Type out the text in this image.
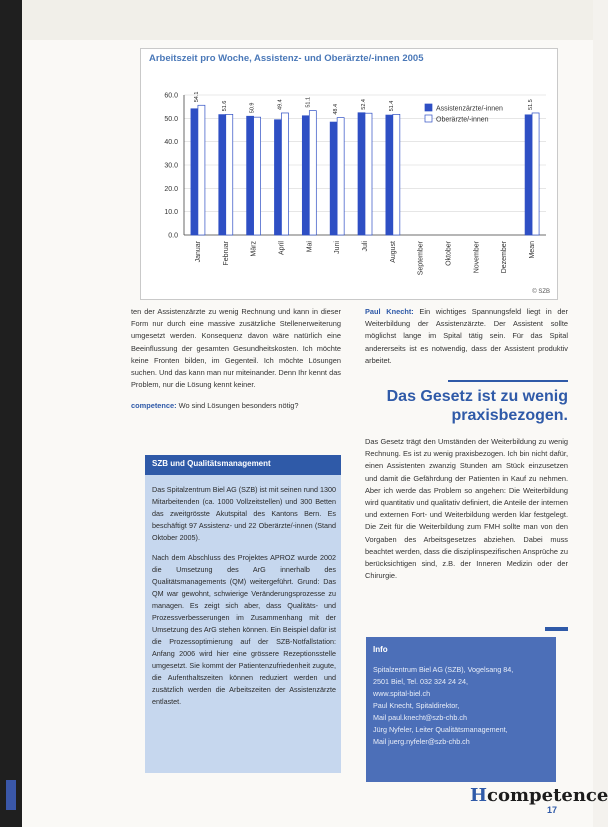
0.0
10.0
20.0
30.0
40.0
50.0
60.0	54.1
Januar
51.6
Februar
50.9
März
49.4
April
51.1
Mai
48.4
Juni
52.4
Juli
51.4
August	September	Oktober	November	Dezember
51.5
Mean
Assistenzärzte/-innen
Oberärzte/-innen
© SZB

Arbeitszeit pro Woche, Assistenz- und Oberärzte/-innen 2005

ten der Assistenzärzte zu wenig Rechnung und kann in dieser Form nur durch eine massive zusätzliche Stellenerweiterung umgesetzt werden. Konsequenz davon wäre natürlich eine Beeinflussung der gesamten Gesundheitskosten. Ich möchte keine Fronten bilden, im Gegenteil. Ich möchte Lösungen suchen. Und das kann man nur miteinander. Denn Ihr kennt das Problem, nur die Lösung kennt keiner.

competence: Wo sind Lösungen besonders nötig?

Paul Knecht: Ein wichtiges Spannungsfeld liegt in der Weiterbildung der Assistenzärzte. Der Assistent sollte möglichst lange im Spital tätig sein. Für das Spital andererseits ist es notwendig, dass der Assistent produktiv arbeitet.

Das Gesetz ist zu wenig praxisbezogen.

Das Gesetz trägt den Umständen der Weiterbildung zu wenig Rechnung. Es ist zu wenig praxisbezogen. Ich bin nicht dafür, einen Assistenten zwanzig Stunden am Stück einzusetzen und damit die Gefährdung der Patienten in Kauf zu nehmen. Aber ich werde das Problem so angehen: Die Weiterbildung wird quantitativ und qualitativ definiert, die Anteile der internen und externen Fort- und Weiterbildung werden klar festgelegt. Die Zeit für die Weiterbildung zum FMH sollte man von den Vorgaben des Arbeitsgesetzes abziehen. Dabei muss beachtet werden, dass die disziplinspezifischen Ansprüche zu berücksichtigen sind, z.B. der Inneren Medizin oder der Chirurgie.

SZB und Qualitätsmanagement

Das Spitalzentrum Biel AG (SZB) ist mit seinen rund 1300 Mitarbeitenden (ca. 1000 Vollzeitstellen) und 300 Betten das zweitgrösste Akutspital des Kantons Bern. Es beschäftigt 97 Assistenz- und 22 Oberärzte/-innen (Stand Oktober 2005).

Nach dem Abschluss des Projektes APROZ wurde 2002 die Umsetzung des ArG innerhalb des Qualitätsmanagements (QM) weitergeführt. Grund: Das QM war gewohnt, schwierige Veränderungsprozesse zu managen. Es zeigt sich aber, dass Qualitäts- und Prozessverbesserungen im Zusammenhang mit der Umsetzung des ArG stehen können. Ein Beispiel dafür ist die Prozessoptimierung auf der SZB-Notfallstation: Anfang 2006 wird hier eine grössere Rezeptionsstelle umgesetzt. Sie kommt der Patientenzufriedenheit zugute, die Aufenthaltszeiten können reduziert werden und zusätzlich werden die Arbeitszeiten der Assistenzärzte entlastet.

Info

Spitalzentrum Biel AG (SZB), Vogelsang 84,
2501 Biel, Tel. 032 324 24 24,
www.spital-biel.ch
Paul Knecht, Spitaldirektor,
Mail paul.knecht@szb-chb.ch
Jürg Nyfeler, Leiter Qualitätsmanagement,
Mail juerg.nyfeler@szb-chb.ch
Hcompetence

17
